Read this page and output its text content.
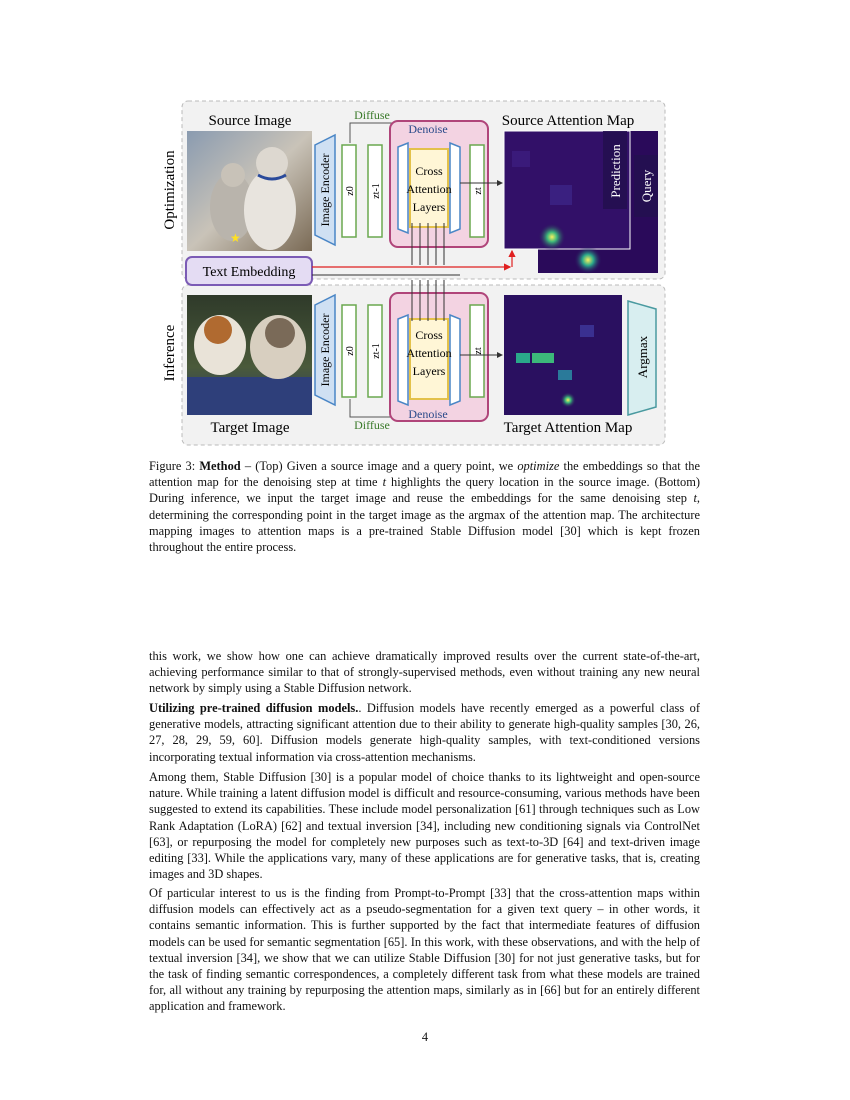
Optimization
Inference
Source Image
Target Image
Source Attention Map
Target Attention Map
★
Image Encoder
Image Encoder
z0 zt-1
z0 zt-1
Diffuse
Diffuse
Denoise
Denoise
Cross
Attention
Layers
Cross
Attention
Layers
zt
zt
Text Embedding
Prediction Query
Argmax
Figure 3: Method – (Top) Given a source image and a query point, we optimize the embeddings so that the attention map for the denoising step at time t highlights the query location in the source image. (Bottom) During inference, we input the target image and reuse the embeddings for the same denoising step t, determining the corresponding point in the target image as the argmax of the attention map. The architecture mapping images to attention maps is a pre-trained Stable Diffusion model [30] which is kept frozen throughout the entire process.

this work, we show how one can achieve dramatically improved results over the current state-of-the-art, achieving performance similar to that of strongly-supervised methods, even without training any new neural network by simply using a Stable Diffusion network.

Utilizing pre-trained diffusion models.. Diffusion models have recently emerged as a powerful class of generative models, attracting significant attention due to their ability to generate high-quality samples [30, 26, 27, 28, 29, 59, 60]. Diffusion models generate high-quality samples, with text-conditioned versions incorporating textual information via cross-attention mechanisms.

Among them, Stable Diffusion [30] is a popular model of choice thanks to its lightweight and open-source nature. While training a latent diffusion model is difficult and resource-consuming, various methods have been suggested to extend its capabilities. These include model personalization [61] through techniques such as Low Rank Adaptation (LoRA) [62] and textual inversion [34], including new conditioning signals via ControlNet [63], or repurposing the model for completely new purposes such as text-to-3D [64] and text-driven image editing [33]. While the applications vary, many of these applications are for generative tasks, that is, creating images and 3D shapes.

Of particular interest to us is the finding from Prompt-to-Prompt [33] that the cross-attention maps within diffusion models can effectively act as a pseudo-segmentation for a given text query – in other words, it contains semantic information. This is further supported by the fact that intermediate features of diffusion models can be used for semantic segmentation [65]. In this work, with these observations, and with the help of textual inversion [34], we show that we can utilize Stable Diffusion [30] for not just generative tasks, but for the task of finding semantic correspondences, a completely different task from what these models are trained for, all without any training by repurposing the attention maps, similarly as in [66] but for an entirely different application and framework.

4
